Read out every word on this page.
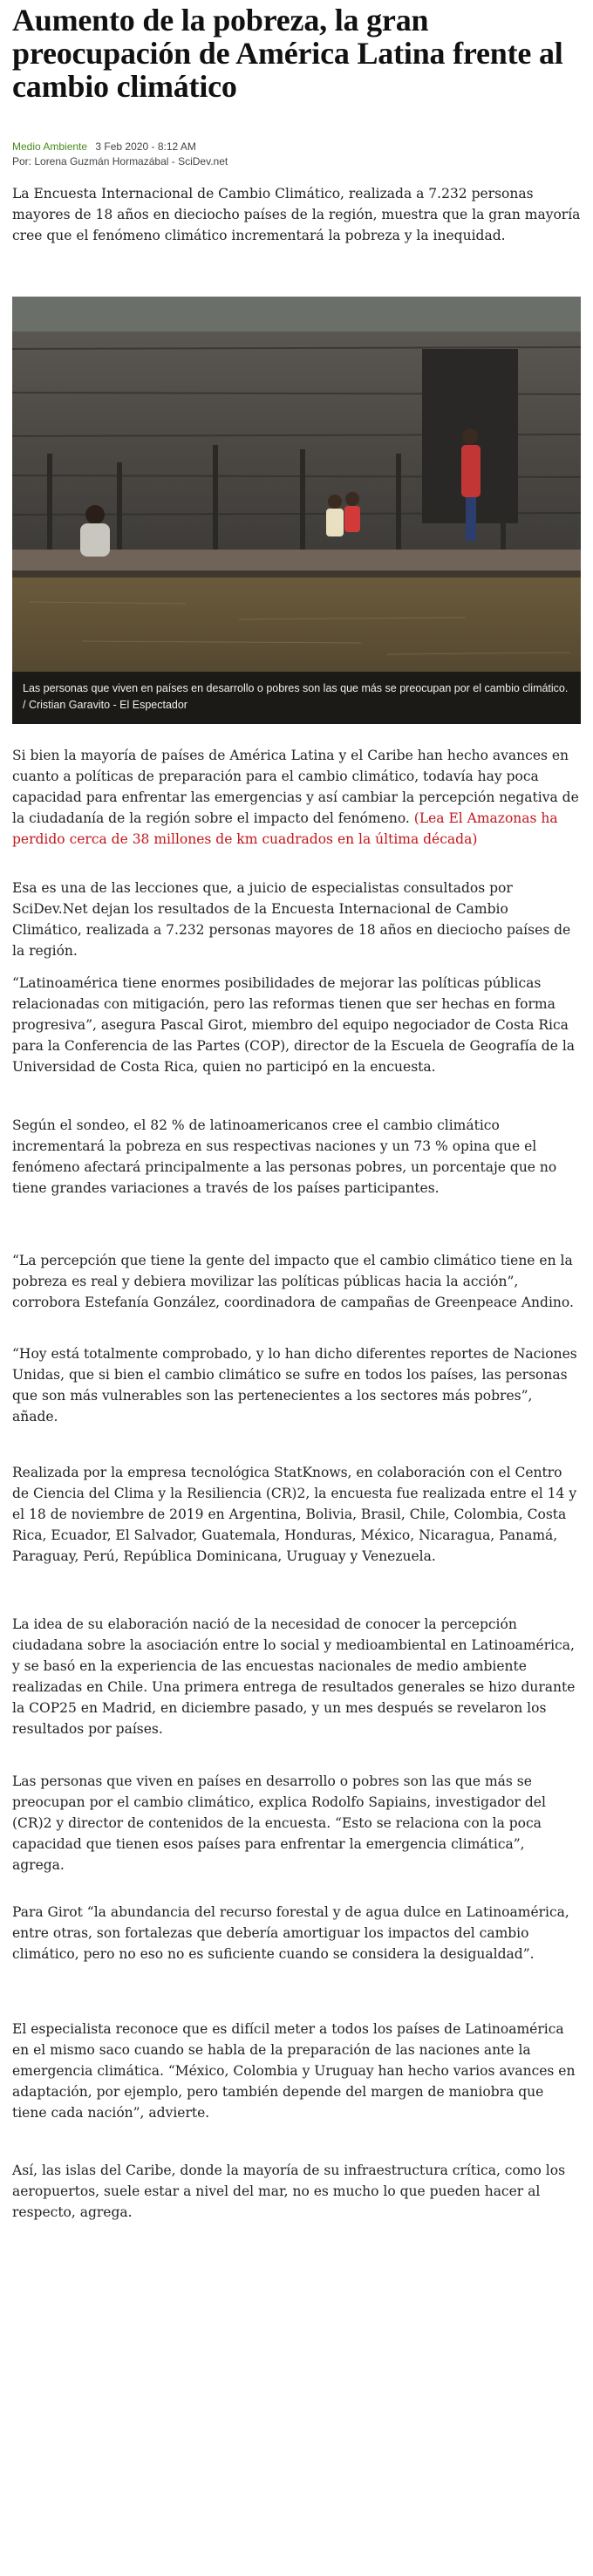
Aumento de la pobreza, la gran preocupación de América Latina frente al cambio climático
Medio Ambiente 3 Feb 2020 - 8:12 AM
Por: Lorena Guzmán Hormazábal - SciDev.net

La Encuesta Internacional de Cambio Climático, realizada a 7.232 personas mayores de 18 años en dieciocho países de la región, muestra que la gran mayoría cree que el fenómeno climático incrementará la pobreza y la inequidad.

Las personas que viven en países en desarrollo o pobres son las que más se preocupan por el cambio climático. / Cristian Garavito - El Espectador

Si bien la mayoría de países de América Latina y el Caribe han hecho avances en cuanto a políticas de preparación para el cambio climático, todavía hay poca capacidad para enfrentar las emergencias y así cambiar la percepción negativa de la ciudadanía de la región sobre el impacto del fenómeno. (Lea El Amazonas ha perdido cerca de 38 millones de km cuadrados en la última década)

Esa es una de las lecciones que, a juicio de especialistas consultados por SciDev.Net dejan los resultados de la Encuesta Internacional de Cambio Climático, realizada a 7.232 personas mayores de 18 años en dieciocho países de la región.

“Latinoamérica tiene enormes posibilidades de mejorar las políticas públicas relacionadas con mitigación, pero las reformas tienen que ser hechas en forma progresiva”, asegura Pascal Girot, miembro del equipo negociador de Costa Rica para la Conferencia de las Partes (COP), director de la Escuela de Geografía de la Universidad de Costa Rica, quien no participó en la encuesta.

Según el sondeo, el 82 % de latinoamericanos cree el cambio climático incrementará la pobreza en sus respectivas naciones y un 73 % opina que el fenómeno afectará principalmente a las personas pobres, un porcentaje que no tiene grandes variaciones a través de los países participantes.

“La percepción que tiene la gente del impacto que el cambio climático tiene en la pobreza es real y debiera movilizar las políticas públicas hacia la acción”, corrobora Estefanía González, coordinadora de campañas de Greenpeace Andino.

“Hoy está totalmente comprobado, y lo han dicho diferentes reportes de Naciones Unidas, que si bien el cambio climático se sufre en todos los países, las personas que son más vulnerables son las pertenecientes a los sectores más pobres”, añade.

Realizada por la empresa tecnológica StatKnows, en colaboración con el Centro de Ciencia del Clima y la Resiliencia (CR)2, la encuesta fue realizada entre el 14 y el 18 de noviembre de 2019 en Argentina, Bolivia, Brasil, Chile, Colombia, Costa Rica, Ecuador, El Salvador, Guatemala, Honduras, México, Nicaragua, Panamá, Paraguay, Perú, República Dominicana, Uruguay y Venezuela.

La idea de su elaboración nació de la necesidad de conocer la percepción ciudadana sobre la asociación entre lo social y medioambiental en Latinoamérica, y se basó en la experiencia de las encuestas nacionales de medio ambiente realizadas en Chile. Una primera entrega de resultados generales se hizo durante la COP25 en Madrid, en diciembre pasado, y un mes después se revelaron los resultados por países.

Las personas que viven en países en desarrollo o pobres son las que más se preocupan por el cambio climático, explica Rodolfo Sapiains, investigador del (CR)2 y director de contenidos de la encuesta. “Esto se relaciona con la poca capacidad que tienen esos países para enfrentar la emergencia climática”, agrega.

Para Girot “la abundancia del recurso forestal y de agua dulce en Latinoamérica, entre otras, son fortalezas que debería amortiguar los impactos del cambio climático, pero no eso no es suficiente cuando se considera la desigualdad”.

El especialista reconoce que es difícil meter a todos los países de Latinoamérica en el mismo saco cuando se habla de la preparación de las naciones ante la emergencia climática. “México, Colombia y Uruguay han hecho varios avances en adaptación, por ejemplo, pero también depende del margen de maniobra que tiene cada nación”, advierte.

Así, las islas del Caribe, donde la mayoría de su infraestructura crítica, como los aeropuertos, suele estar a nivel del mar, no es mucho lo que pueden hacer al respecto, agrega.
